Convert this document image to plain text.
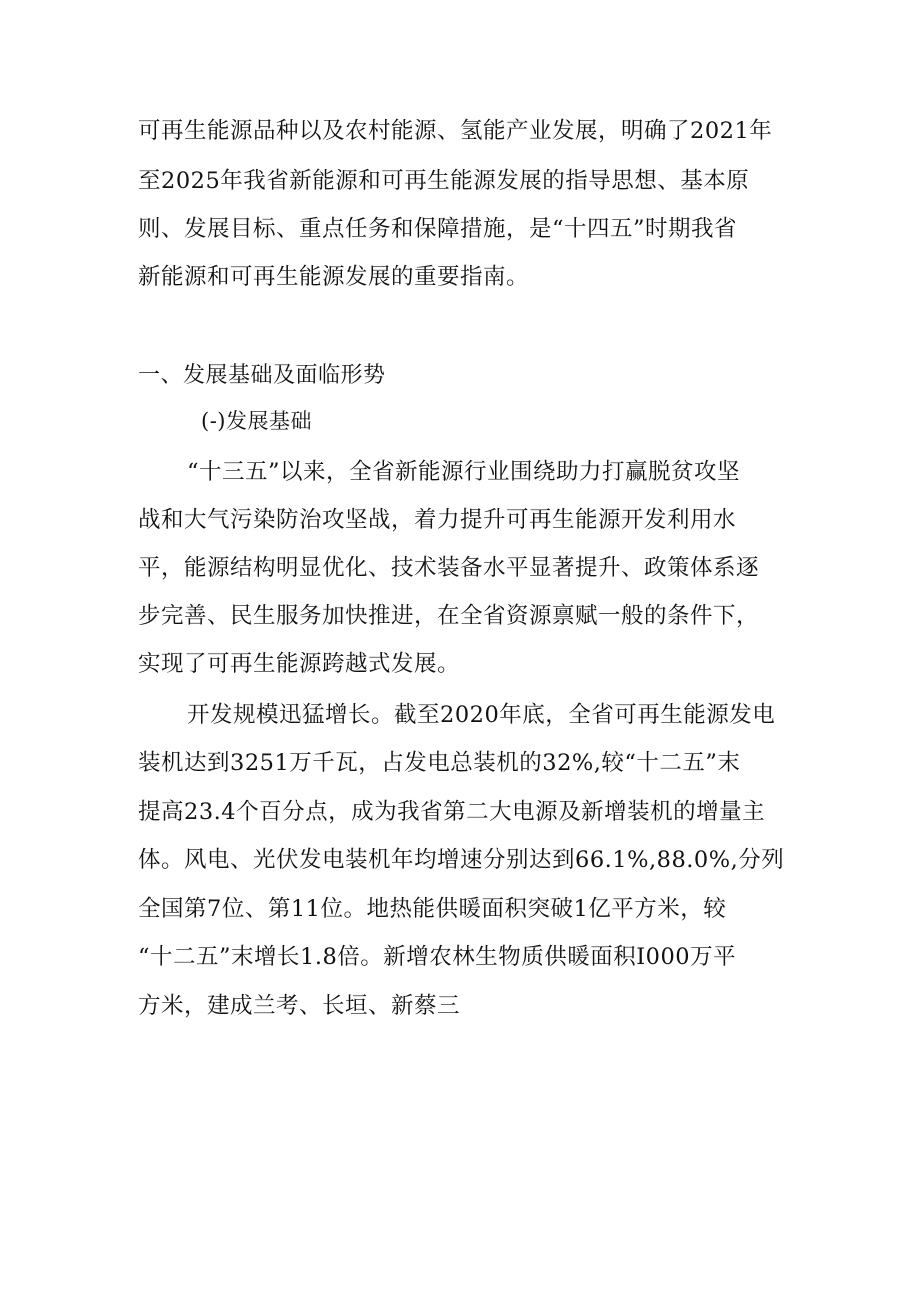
可再生能源品种以及农村能源、氢能产业发展，明确了2021年
至2025年我省新能源和可再生能源发展的指导思想、基本原
则、发展目标、重点任务和保障措施，是“十四五”时期我省
新能源和可再生能源发展的重要指南。
一、发展基础及面临形势
(-)发展基础
“十三五”以来，全省新能源行业围绕助力打赢脱贫攻坚
战和大气污染防治攻坚战，着力提升可再生能源开发利用水
平，能源结构明显优化、技术装备水平显著提升、政策体系逐
步完善、民生服务加快推进，在全省资源禀赋一般的条件下，
实现了可再生能源跨越式发展。
开发规模迅猛增长。截至2020年底，全省可再生能源发电
装机达到3251万千瓦，占发电总装机的32%,较“十二五”末
提高23.4个百分点，成为我省第二大电源及新增装机的增量主
体。风电、光伏发电装机年均增速分别达到66.1%,88.0%,分列
全国第7位、第11位。地热能供暖面积突破1亿平方米，较
“十二五”末增长1.8倍。新增农林生物质供暖面积I000万平
方米，建成兰考、长垣、新蔡三
